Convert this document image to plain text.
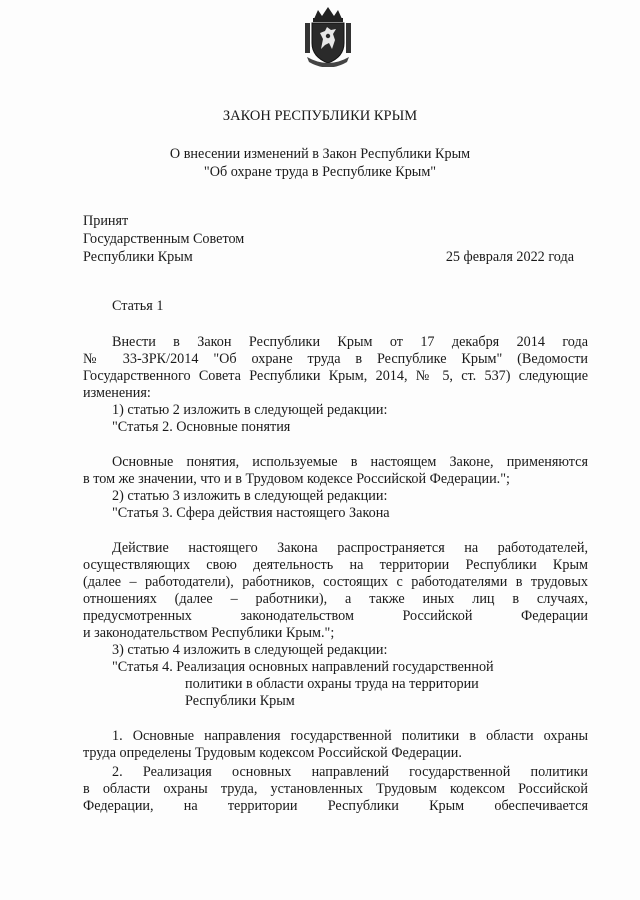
ЗАКОН РЕСПУБЛИКИ КРЫМ
О внесении изменений в Закон Республики Крым
"Об охране труда в Республике Крым"
Принят
Государственным Советом
Республики Крым	25 февраля 2022 года
Статья 1
Внести в Закон Республики Крым от 17 декабря 2014 года
№ 33-ЗРК/2014 "Об охране труда в Республике Крым" (Ведомости
Государственного Совета Республики Крым, 2014, № 5, ст. 537) следующие
изменения:
1) статью 2 изложить в следующей редакции:
"Статья 2. Основные понятия
Основные понятия, используемые в настоящем Законе, применяются
в том же значении, что и в Трудовом кодексе Российской Федерации.";
2) статью 3 изложить в следующей редакции:
"Статья 3. Сфера действия настоящего Закона
Действие настоящего Закона распространяется на работодателей,
осуществляющих свою деятельность на территории Республики Крым
(далее – работодатели), работников, состоящих с работодателями в трудовых
отношениях (далее – работники), а также иных лиц в случаях,
предусмотренных законодательством Российской Федерации
и законодательством Республики Крым.";
3) статью 4 изложить в следующей редакции:
"Статья 4. Реализация основных направлений государственной
политики в области охраны труда на территории
Республики Крым
1. Основные направления государственной политики в области охраны
труда определены Трудовым кодексом Российской Федерации.
2. Реализация основных направлений государственной политики
в области охраны труда, установленных Трудовым кодексом Российской
Федерации, на территории Республики Крым обеспечивается
